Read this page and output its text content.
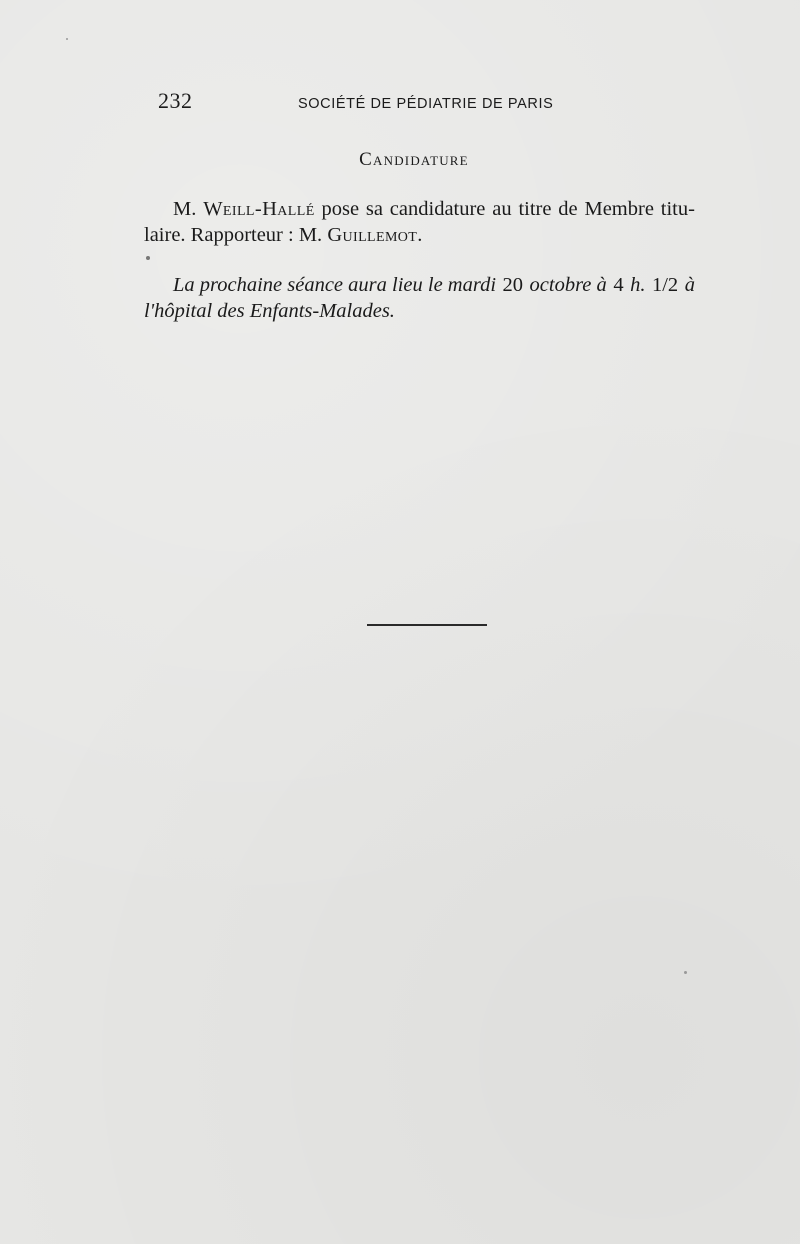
232	SOCIÉTÉ DE PÉDIATRIE DE PARIS
Candidature
M. Weill-Hallé pose sa candidature au titre de Membre titu-
laire. Rapporteur : M. Guillemot.
La prochaine séance aura lieu le mardi 20 octobre à 4 h. 1/2 à
l'hôpital des Enfants-Malades.
